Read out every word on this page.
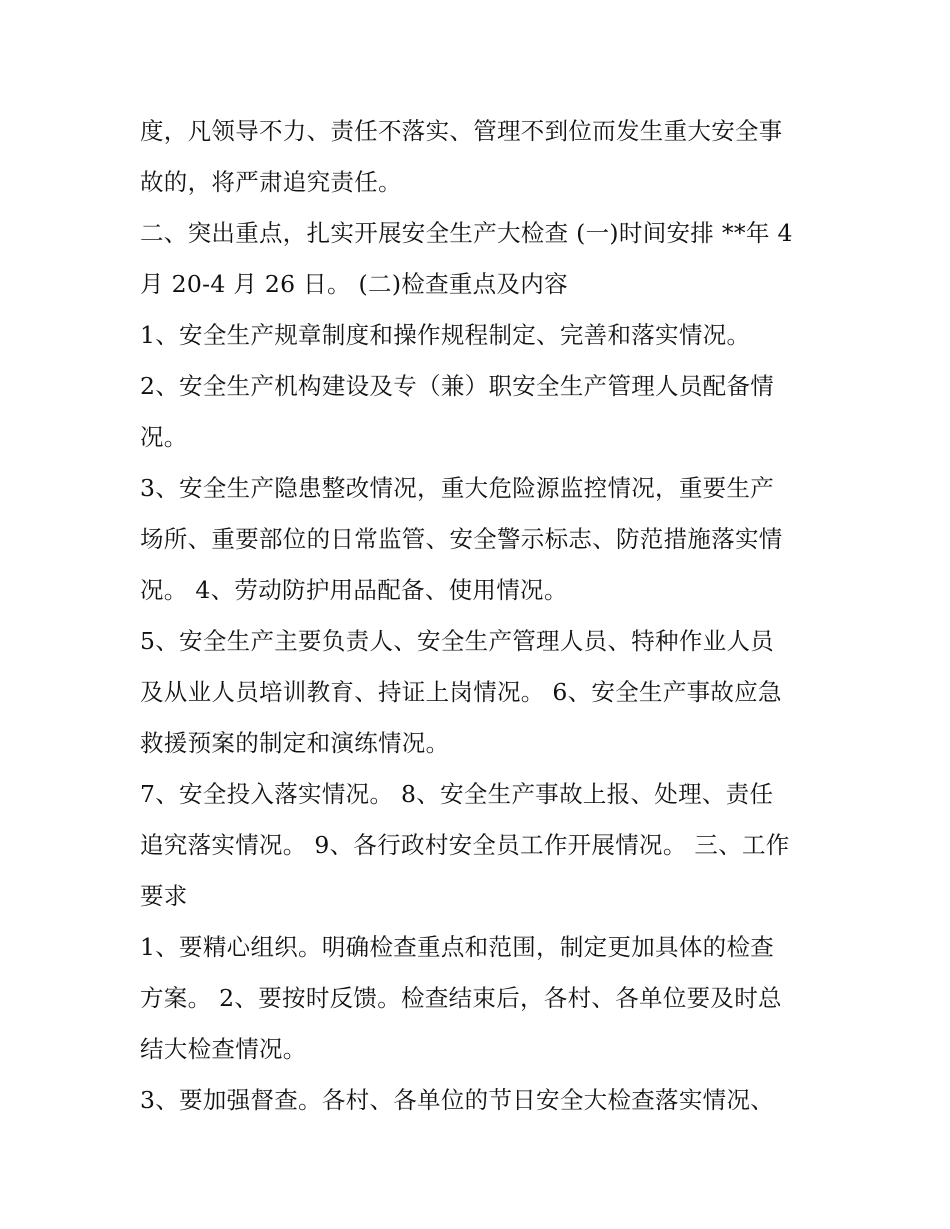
度，凡领导不力、责任不落实、管理不到位而发生重大安全事
故的，将严肃追究责任。

二、突出重点，扎实开展安全生产大检查 (一)时间安排 **年 4
月 20-4 月 26 日。 (二)检查重点及内容

1、安全生产规章制度和操作规程制定、完善和落实情况。

2、安全生产机构建设及专（兼）职安全生产管理人员配备情
况。

3、安全生产隐患整改情况，重大危险源监控情况，重要生产
场所、重要部位的日常监管、安全警示标志、防范措施落实情
况。 4、劳动防护用品配备、使用情况。

5、安全生产主要负责人、安全生产管理人员、特种作业人员
及从业人员培训教育、持证上岗情况。 6、安全生产事故应急
救援预案的制定和演练情况。

7、安全投入落实情况。 8、安全生产事故上报、处理、责任
追究落实情况。 9、各行政村安全员工作开展情况。 三、工作
要求

1、要精心组织。明确检查重点和范围，制定更加具体的检查
方案。 2、要按时反馈。检查结束后，各村、各单位要及时总
结大检查情况。

3、要加强督查。各村、各单位的节日安全大检查落实情况、
